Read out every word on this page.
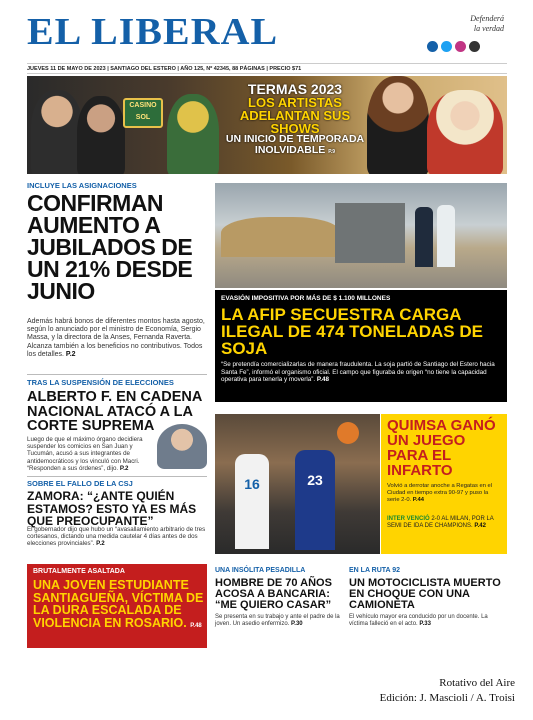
EL LIBERAL	Defenderá
la verdad
JUEVES 11 DE MAYO DE 2023 | SANTIAGO DEL ESTERO | AÑO 125, Nº 42345, 88 PÁGINAS | PRECIO $71
CASINO SOL
TERMAS 2023
LOS ARTISTAS ADELANTAN SUS SHOWS
UN INICIO DE TEMPORADA INOLVIDABLE P.9
INCLUYE LAS ASIGNACIONES
CONFIRMAN AUMENTO A JUBILADOS DE UN 21% DESDE JUNIO
Además habrá bonos de diferentes montos hasta agosto, según lo anunciado por el ministro de Economía, Sergio Massa, y la directora de la Anses, Fernanda Raverta. Alcanza también a los beneficios no contributivos. Todos los detalles. P.2
EVASIÓN IMPOSITIVA POR MÁS DE $ 1.100 MILLONES
LA AFIP SECUESTRA CARGA ILEGAL DE 474 TONELADAS DE SOJA
“Se pretendía comercializarlas de manera fraudulenta. La soja partió de Santiago del Estero hacia Santa Fe”, informó el organismo oficial. El campo que figuraba de origen “no tiene la capacidad operativa para tenerla y moverla”. P.48
TRAS LA SUSPENSIÓN DE ELECCIONES
ALBERTO F. EN CADENA NACIONAL ATACÓ A LA CORTE SUPREMA
Luego de que el máximo órgano decidiera suspender los comicios en San Juan y Tucumán, acusó a sus integrantes de antidemocráticos y los vinculó con Macri. “Responden a sus órdenes”, dijo. P.2
SOBRE EL FALLO DE LA CSJ
ZAMORA: “¿ANTE QUIÉN ESTAMOS? ESTO YA ES MÁS QUE PREOCUPANTE”
El gobernador dijo que hubo un “avasallamiento arbitrario de tres cortesanos, dictando una medida cautelar 4 días antes de dos elecciones provinciales”. P.2
16	23
QUIMSA GANÓ UN JUEGO PARA EL INFARTO
Volvió a derrotar anoche a Regatas en el Ciudad en tiempo extra 90-97 y puso la serie 2-0. P.44
INTER VENCIÓ 2-0 AL MILAN, POR LA SEMI DE IDA DE CHAMPIONS. P.42
BRUTALMENTE ASALTADA
UNA JOVEN ESTUDIANTE SANTIAGUEÑA, VÍCTIMA DE LA DURA ESCALADA DE VIOLENCIA EN ROSARIO. P.48
UNA INSÓLITA PESADILLA
HOMBRE DE 70 AÑOS ACOSA A BANCARIA: “ME QUIERO CASAR”
Se presenta en su trabajo y ante el padre de la joven. Un asedio enfermizo. P.30
EN LA RUTA 92
UN MOTOCICLISTA MUERTO EN CHOQUE CON UNA CAMIONETA
El vehículo mayor era conducido por un docente. La víctima falleció en el acto. P.33
Rotativo del Aire
Edición: J. Mascioli / A. Troisi
